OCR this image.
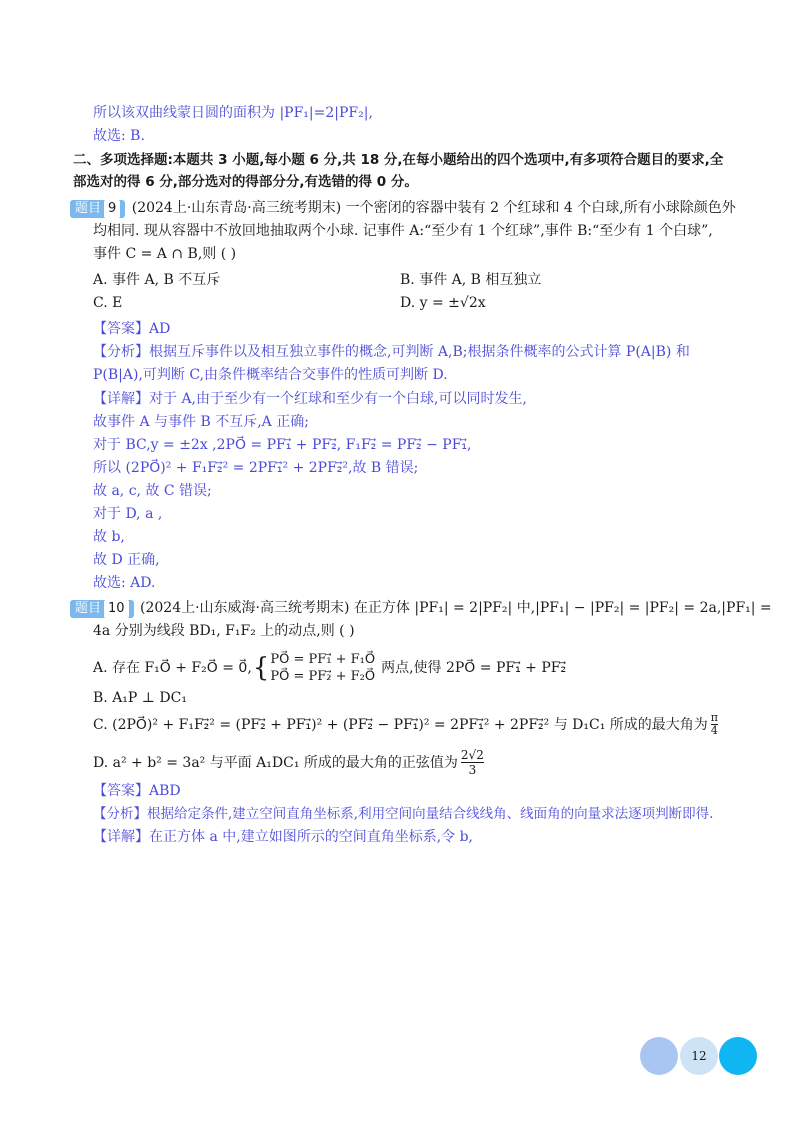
所以该双曲线蒙日圆的面积为 |PF₁|=2|PF₂|,
故选: B.
二、多项选择题:本题共 3 小题,每小题 6 分,共 18 分,在每小题给出的四个选项中,有多项符合题目的要求,全
部选对的得 6 分,部分选对的得部分分,有选错的得 0 分。
题目 9 (2024上·山东青岛·高三统考期末) 一个密闭的容器中装有 2 个红球和 4 个白球,所有小球除颜色外
均相同. 现从容器中不放回地抽取两个小球. 记事件 A:“至少有 1 个红球”,事件 B:“至少有 1 个白球”,
事件 C = A ∩ B,则 ( )
A. 事件 A, B 不互斥	B. 事件 A, B 相互独立
C. E	D. y = ±√2x
【答案】AD
【分析】根据互斥事件以及相互独立事件的概念,可判断 A,B;根据条件概率的公式计算 P(A|B) 和
P(B|A),可判断 C,由条件概率结合交事件的性质可判断 D.
【详解】对于 A,由于至少有一个红球和至少有一个白球,可以同时发生,
故事件 A 与事件 B 不互斥,A 正确;
对于 BC,y = ±2x ,2PO⃗ = PF₁⃗ + PF₂⃗, F₁F₂⃗ = PF₂⃗ − PF₁⃗,
所以 (2PO⃗)² + F₁F₂⃗² = 2PF₁⃗² + 2PF₂⃗²,故 B 错误;
故 a, c, 故 C 错误;
对于 D, a ,
故 b,
故 D 正确,
故选: AD.
题目 10 (2024上·山东威海·高三统考期末) 在正方体 |PF₁| = 2|PF₂| 中,|PF₁| − |PF₂| = |PF₂| = 2a,|PF₁| =
4a 分别为线段 BD₁, F₁F₂ 上的动点,则 ( )
A. 存在 F₁O⃗ + F₂O⃗ = 0⃗, { PO⃗ = PF₁⃗ + F₁O⃗
PO⃗ = PF₂⃗ + F₂O⃗
两点,使得 2PO⃗ = PF₁⃗ + PF₂⃗
B. A₁P ⊥ DC₁
C. (2PO⃗)² + F₁F₂⃗² = (PF₂⃗ + PF₁⃗)² + (PF₂⃗ − PF₁⃗)² = 2PF₁⃗² + 2PF₂⃗² 与 D₁C₁ 所成的最大角为 $\frac{\pi}{4}$
D. a² + b² = 3a² 与平面 A₁DC₁ 所成的最大角的正弦值为 $\frac{2√2}{3}$
【答案】ABD
【分析】根据给定条件,建立空间直角坐标系,利用空间向量结合线线角、线面角的向量求法逐项判断即得.
【详解】在正方体 a 中,建立如图所示的空间直角坐标系,令 b,
12
